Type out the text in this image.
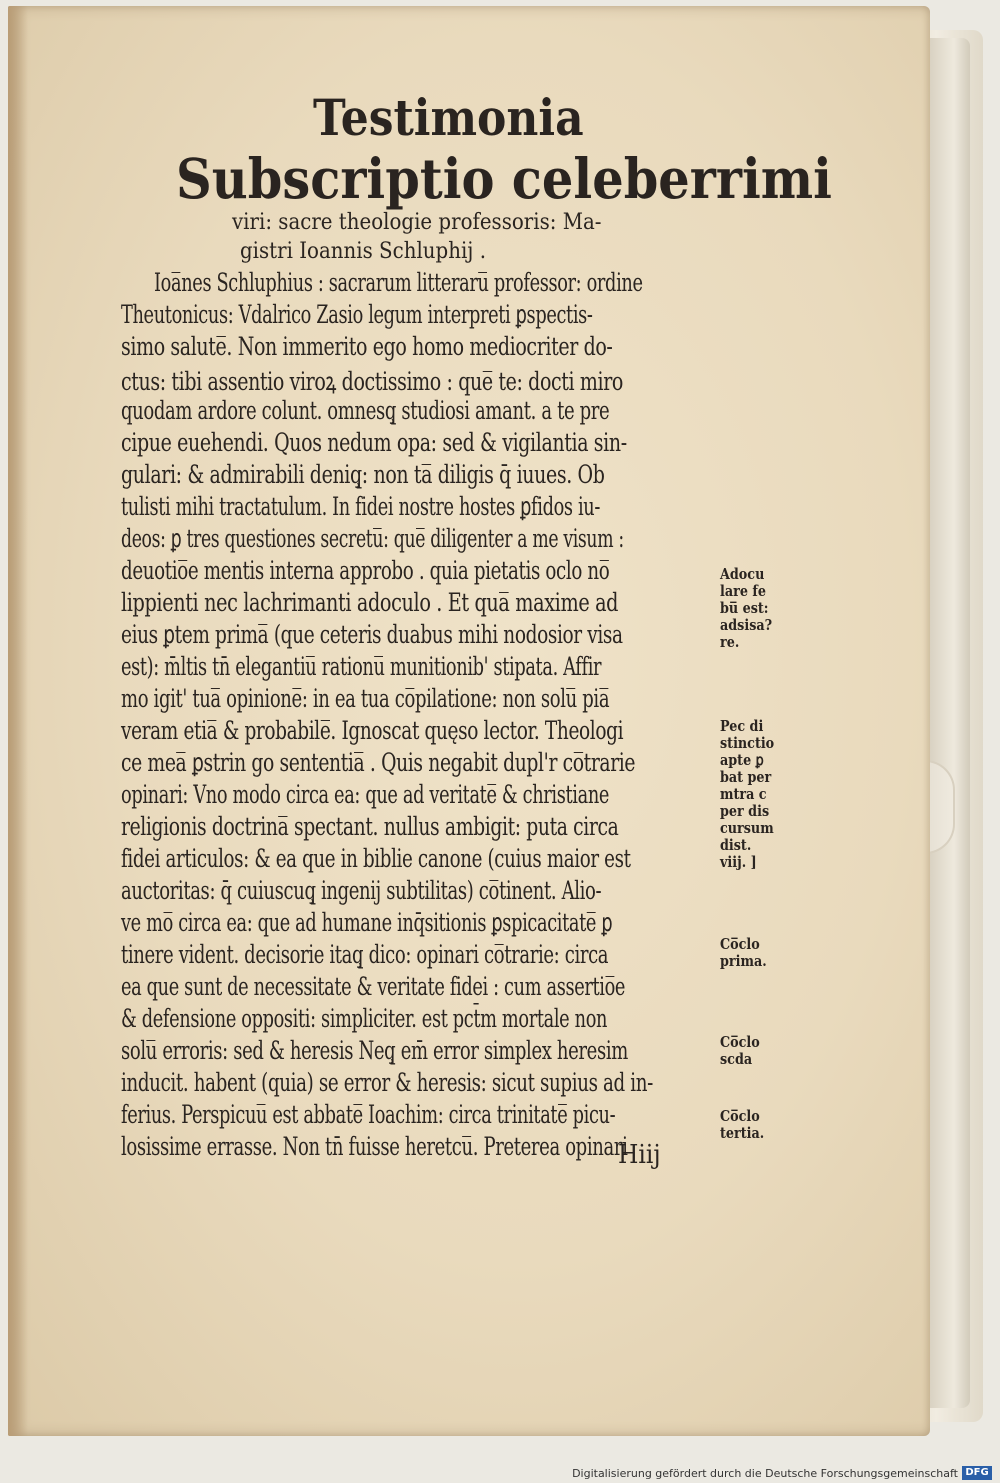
Testimonia
Subscriptio celeberrimi
viri: sacre theologie professoris: Ma-
gistri Ioannis Schluphij .
Ioa̅nes Schluphius : sacrarum litteraru̅ professor: ordine
Theutonicus: Vdalrico Zasio legum interpreti ꝑspectis-
simo salute̅. Non immerito ego homo mediocriter do-
ctus: tibi assentio viroꝝ doctissimo : que̅ te: docti miro
quodam ardore colunt. omnesq̧ studiosi amant. a te pre
cipue euehendi. Quos nedum opa: sed & vigilantia sin-
gulari: & admirabili deniq̧: non ta̅ diligis q̄ iuues. Ob
tulisti mihi tractatulum. In fidei nostre hostes ꝑfidos iu-
deos: ꝑ tres questiones secretu̅: que̅ diligenter a me visum :
deuotio̅e mentis interna approbo . quia pietatis oclo no̅
lippienti nec lachrimanti adoculo . Et qua̅ maxime ad
eius ꝑtem prima̅ (que ceteris duabus mihi nodosior visa
est): m̄ltis tn̄ elegantiu̅ rationu̅ munitionib' stipata. Affir
mo igit' tua̅ opinione̅: in ea tua co̅pilatione: non solu̅ pia̅
veram etia̅ & probabile̅. Ignoscat quęso lector. Theologi
ce mea̅ ꝑstrin go sententia̅ . Quis negabit dupl'r co̅trarie
opinari: Vno modo circa ea: que ad veritate̅ & christiane
religionis doctrina̅ spectant. nullus ambigit: puta circa
fidei articulos: & ea que in biblie canone (cuius maior est
auctoritas: q̄ cuiuscuq̧ ingenij subtilitas) co̅tinent. Alio-
ve mo̅ circa ea: que ad humane inq̄sitionis ꝑspicacitate̅ ꝑ
tinere vident. decisorie itaq̧ dico: opinari co̅trarie: circa
ea que sunt de necessitate & veritate fidei : cum assertio̅e
& defensione oppositi: simpliciter. est pct̄m mortale non
solu̅ erroris: sed & heresis Neq̧ em̄ error simplex heresim
inducit. habent (quia) se error & heresis: sicut supius ad in-
ferius. Perspicuu̅ est abbate̅ Ioachim: circa trinitate̅ picu-
losissime errasse. Non tn̄ fuisse heretcu̅. Preterea opinari
Hiij
Adocu
lare fe
bu̅ est:
adsisa?
re.
Pec di
stinctio
apte ꝑ
bat per
mtra c
per dis
cursum
dist.
viij. ]
Co̅clo
prima.
Co̅clo
scda
Co̅clo
tertia.
Digitalisierung gefördert durch die Deutsche Forschungsgemeinschaft DFG
